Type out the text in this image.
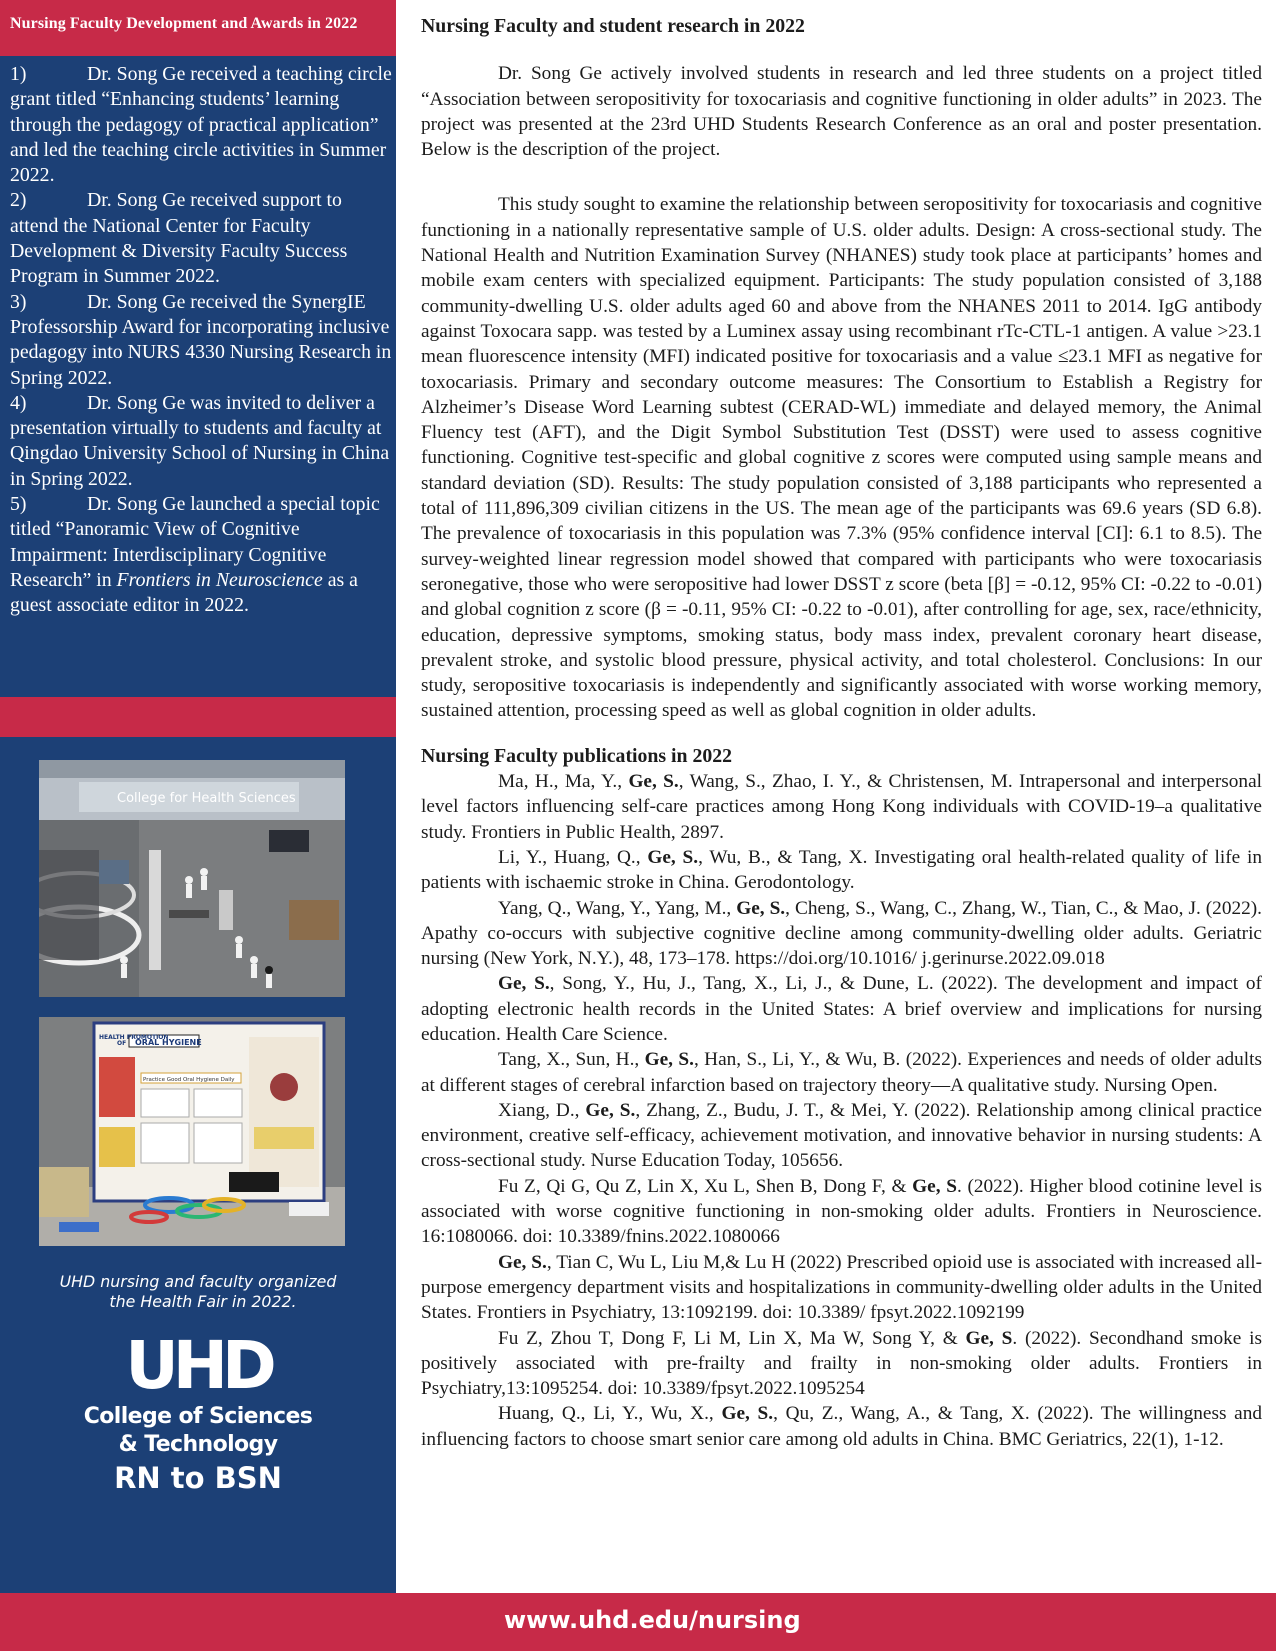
Nursing Faculty Development and Awards in 2022
1)	Dr. Song Ge received a teaching circle grant titled “Enhancing students’ learning through the pedagogy of practical application” and led the teaching circle activities in Summer 2022.
2)	Dr. Song Ge received support to attend the National Center for Faculty Development & Diversity Faculty Success Program in Summer 2022.
3)	Dr. Song Ge received the SynergIE Professorship Award for incorporating inclusive pedagogy into NURS 4330 Nursing Research in Spring 2022.
4)	Dr. Song Ge was invited to deliver a presentation virtually to students and faculty at Qingdao University School of Nursing in China in Spring 2022.
5)	Dr. Song Ge launched a special topic titled “Panoramic View of Cognitive Impairment: Interdisciplinary Cognitive Research” in Frontiers in Neuroscience as a guest associate editor in 2022.
College for Health Sciences
ORAL HYGIENE
HEALTH PROMOTION
OF
Practice Good Oral Hygiene Daily
UHD nursing and faculty organized
the Health Fair in 2022.
UHD
College of Sciences
& Technology
RN to BSN
Nursing Faculty and student research in 2022

Dr. Song Ge actively involved students in research and led three students on a project titled “Association between seropositivity for toxocariasis and cognitive functioning in older adults” in 2023. The project was presented at the 23rd UHD Students Research Conference as an oral and poster presentation. Below is the description of the project.

This study sought to examine the relationship between seropositivity for toxocariasis and cognitive functioning in a nationally representative sample of U.S. older adults. Design: A cross-sectional study. The National Health and Nutrition Examination Survey (NHANES) study took place at participants’ homes and mobile exam centers with specialized equipment. Participants: The study population consisted of 3,188 community-dwelling U.S. older adults aged 60 and above from the NHANES 2011 to 2014. IgG antibody against Toxocara sapp. was tested by a Luminex assay using recombinant rTc-CTL-1 antigen. A value >23.1 mean fluorescence intensity (MFI) indicated positive for toxocariasis and a value ≤23.1 MFI as negative for toxocariasis. Primary and secondary outcome measures: The Consortium to Establish a Registry for Alzheimer’s Disease Word Learning subtest (CERAD-WL) immediate and delayed memory, the Animal Fluency test (AFT), and the Digit Symbol Substitution Test (DSST) were used to assess cognitive functioning. Cognitive test-specific and global cognitive z scores were computed using sample means and standard deviation (SD). Results: The study population consisted of 3,188 participants who represented a total of 111,896,309 civilian citizens in the US. The mean age of the participants was 69.6 years (SD 6.8). The prevalence of toxocariasis in this population was 7.3% (95% confidence interval [CI]: 6.1 to 8.5). The survey-weighted linear regression model showed that compared with participants who were toxocariasis seronegative, those who were seropositive had lower DSST z score (beta [β] = -0.12, 95% CI: -0.22 to -0.01) and global cognition z score (β = -0.11, 95% CI: -0.22 to -0.01), after controlling for age, sex, race/ethnicity, education, depressive symptoms, smoking status, body mass index, prevalent coronary heart disease, prevalent stroke, and systolic blood pressure, physical activity, and total cholesterol. Conclusions: In our study, seropositive toxocariasis is independently and significantly associated with worse working memory, sustained attention, processing speed as well as global cognition in older adults.

Nursing Faculty publications in 2022
Ma, H., Ma, Y., Ge, S., Wang, S., Zhao, I. Y., & Christensen, M. Intrapersonal and interpersonal level factors influencing self-care practices among Hong Kong individuals with COVID-19–a qualitative study. Frontiers in Public Health, 2897.
Li, Y., Huang, Q., Ge, S., Wu, B., & Tang, X. Investigating oral health-related quality of life in patients with ischaemic stroke in China. Gerodontology.
Yang, Q., Wang, Y., Yang, M., Ge, S., Cheng, S., Wang, C., Zhang, W., Tian, C., & Mao, J. (2022). Apathy co-occurs with subjective cognitive decline among community-dwelling older adults. Geriatric nursing (New York, N.Y.), 48, 173–178. https://doi.org/10.1016/ j.gerinurse.2022.09.018
Ge, S., Song, Y., Hu, J., Tang, X., Li, J., & Dune, L. (2022). The development and impact of adopting electronic health records in the United States: A brief overview and implications for nursing education. Health Care Science.
Tang, X., Sun, H., Ge, S., Han, S., Li, Y., & Wu, B. (2022). Experiences and needs of older adults at different stages of cerebral infarction based on trajectory theory—A qualitative study. Nursing Open.
Xiang, D., Ge, S., Zhang, Z., Budu, J. T., & Mei, Y. (2022). Relationship among clinical practice environment, creative self-efficacy, achievement motivation, and innovative behavior in nursing students: A cross-sectional study. Nurse Education Today, 105656.
Fu Z, Qi G, Qu Z, Lin X, Xu L, Shen B, Dong F, & Ge, S. (2022). Higher blood cotinine level is associated with worse cognitive functioning in non-smoking older adults. Frontiers in Neuroscience. 16:1080066. doi: 10.3389/fnins.2022.1080066
Ge, S., Tian C, Wu L, Liu M,& Lu H (2022) Prescribed opioid use is associated with increased all-purpose emergency department visits and hospitalizations in community-dwelling older adults in the United States. Frontiers in Psychiatry, 13:1092199. doi: 10.3389/ fpsyt.2022.1092199
Fu Z, Zhou T, Dong F, Li M, Lin X, Ma W, Song Y, & Ge, S. (2022). Secondhand smoke is positively associated with pre-frailty and frailty in non-smoking older adults. Frontiers in Psychiatry,13:1095254. doi: 10.3389/fpsyt.2022.1095254
Huang, Q., Li, Y., Wu, X., Ge, S., Qu, Z., Wang, A., & Tang, X. (2022). The willingness and influencing factors to choose smart senior care among old adults in China. BMC Geriatrics, 22(1), 1-12.
www.uhd.edu/nursing
